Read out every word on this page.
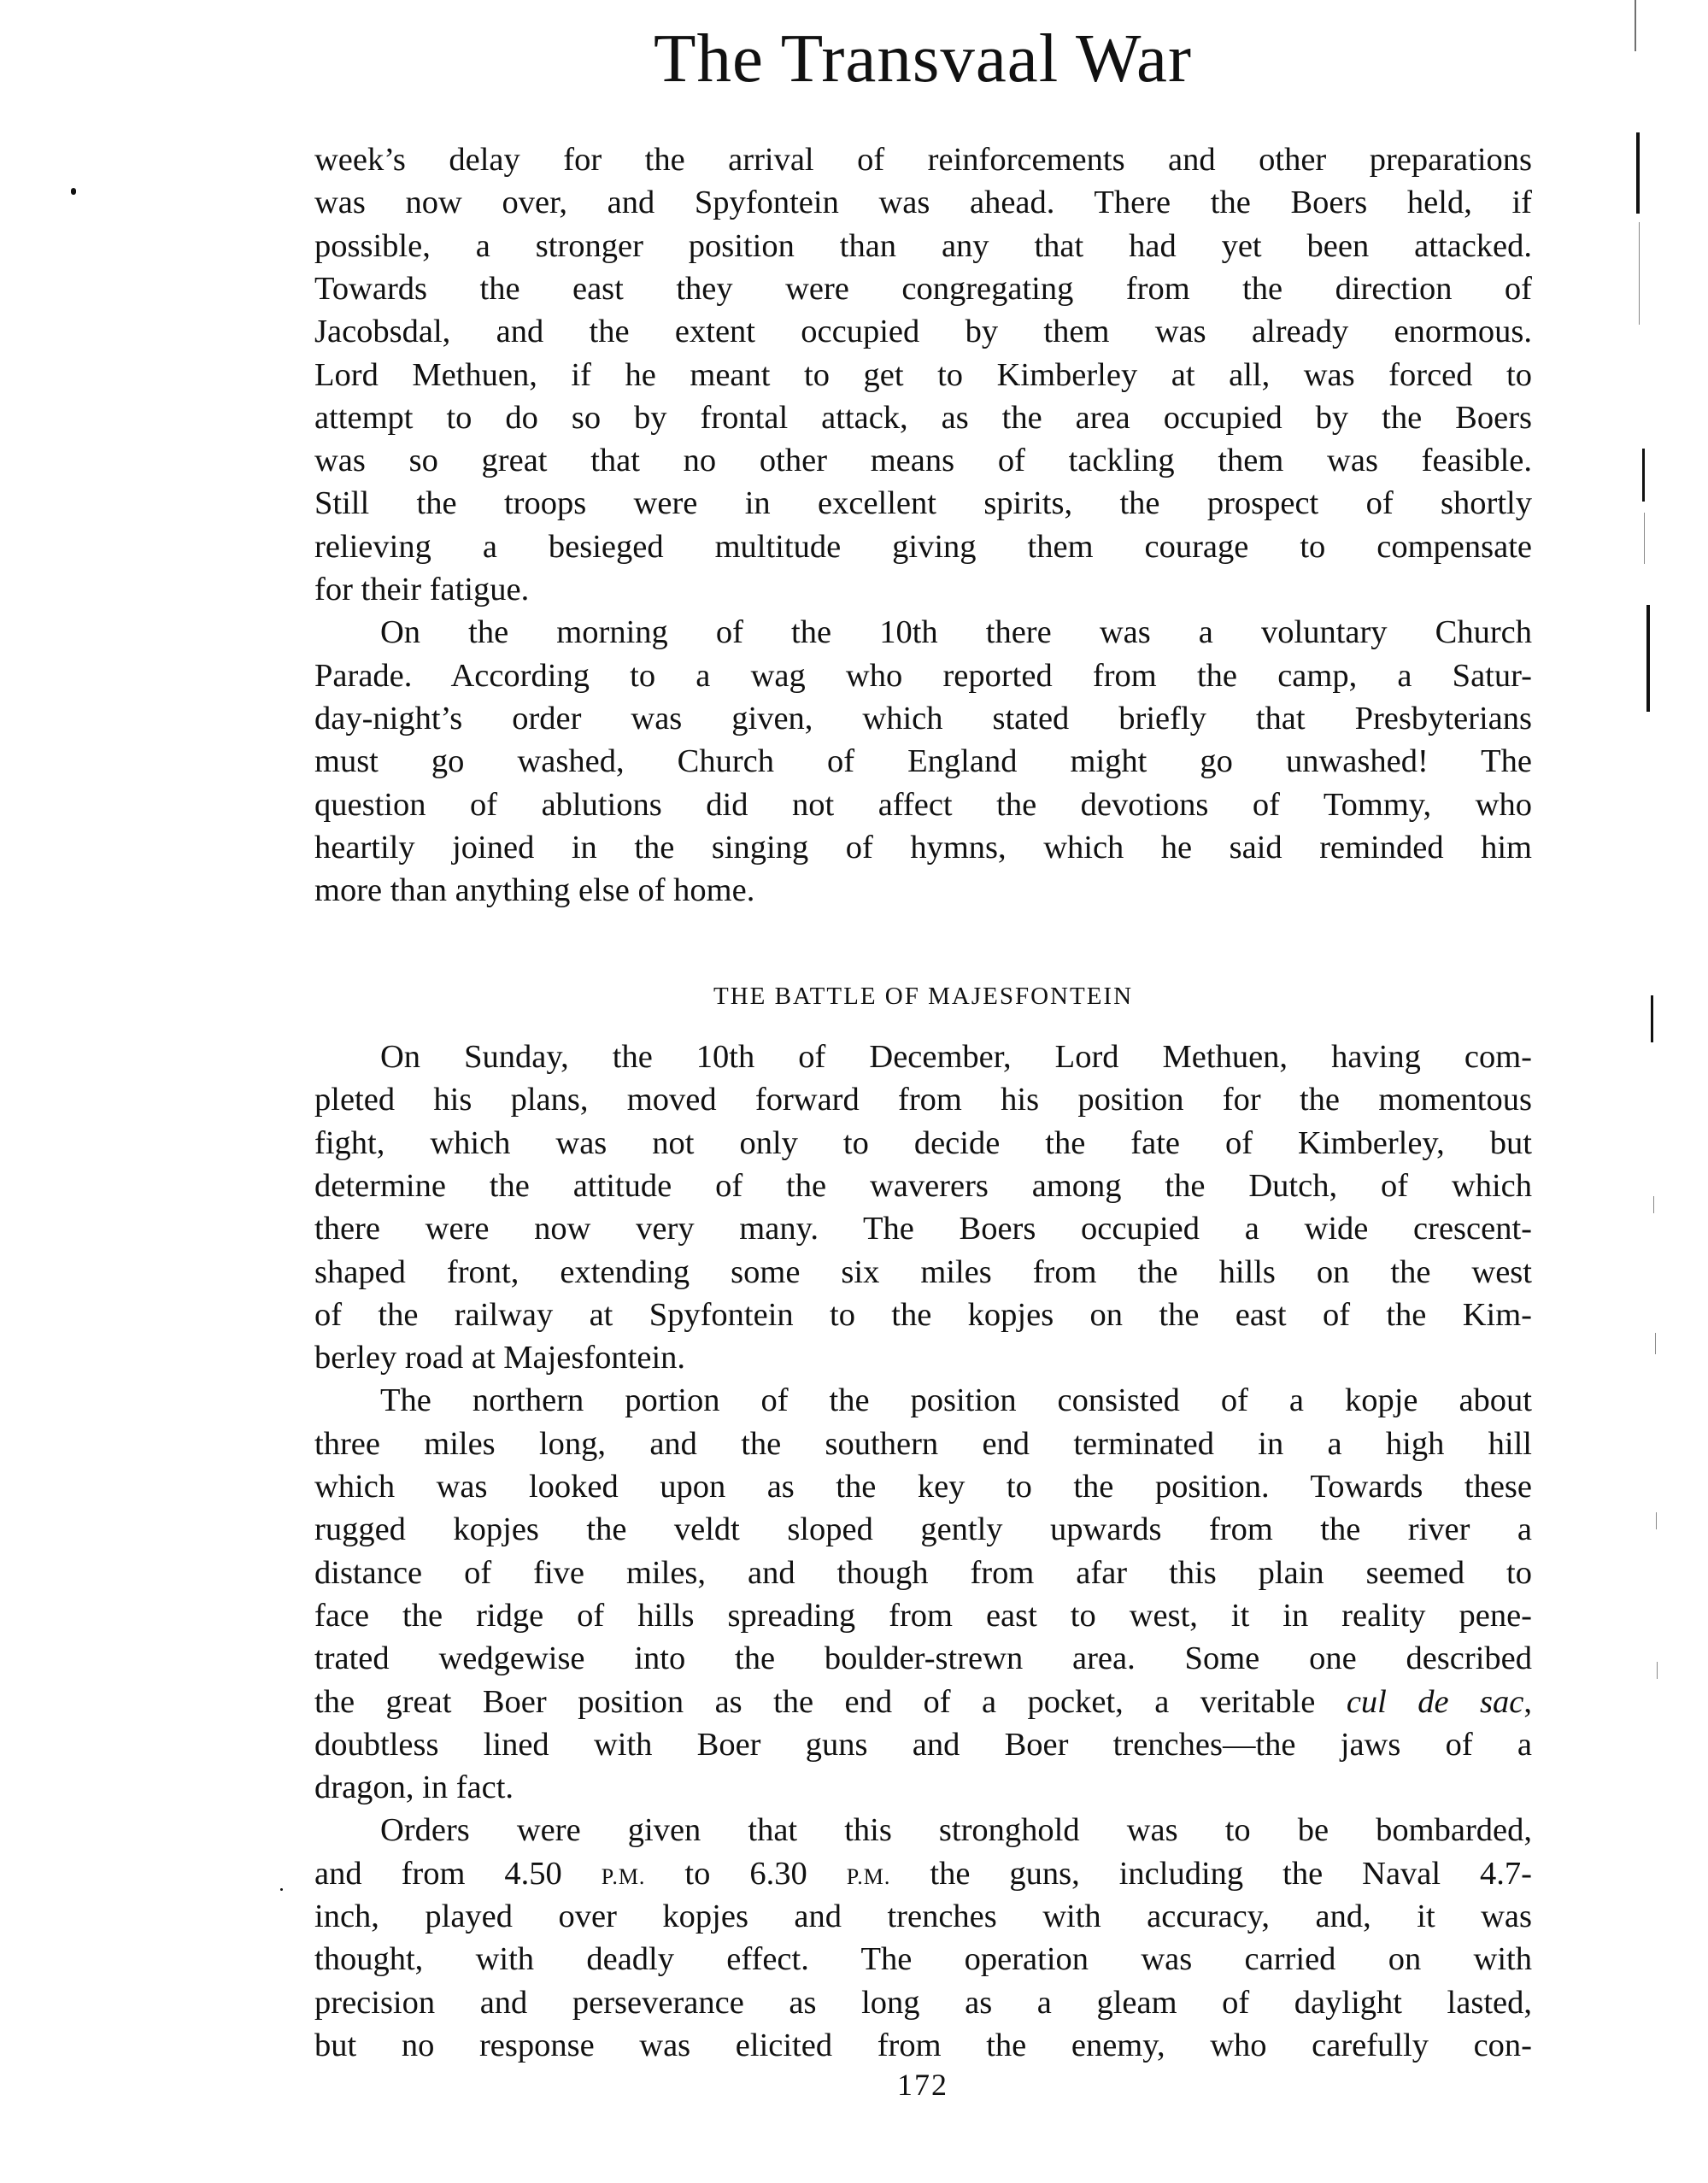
The Transvaal War
week’s delay for the arrival of reinforcements and other preparations
was now over, and Spyfontein was ahead. There the Boers held, if
possible, a stronger position than any that had yet been attacked.
Towards the east they were congregating from the direction of
Jacobsdal, and the extent occupied by them was already enormous.
Lord Methuen, if he meant to get to Kimberley at all, was forced to
attempt to do so by frontal attack, as the area occupied by the Boers
was so great that no other means of tackling them was feasible.
Still the troops were in excellent spirits, the prospect of shortly
relieving a besieged multitude giving them courage to compensate
for their fatigue.
On the morning of the 10th there was a voluntary Church
Parade. According to a wag who reported from the camp, a Satur-
day-night’s order was given, which stated briefly that Presbyterians
must go washed, Church of England might go unwashed! The
question of ablutions did not affect the devotions of Tommy, who
heartily joined in the singing of hymns, which he said reminded him
more than anything else of home.
THE BATTLE OF MAJESFONTEIN
On Sunday, the 10th of December, Lord Methuen, having com-
pleted his plans, moved forward from his position for the momentous
fight, which was not only to decide the fate of Kimberley, but
determine the attitude of the waverers among the Dutch, of which
there were now very many. The Boers occupied a wide crescent-
shaped front, extending some six miles from the hills on the west
of the railway at Spyfontein to the kopjes on the east of the Kim-
berley road at Majesfontein.
The northern portion of the position consisted of a kopje about
three miles long, and the southern end terminated in a high hill
which was looked upon as the key to the position. Towards these
rugged kopjes the veldt sloped gently upwards from the river a
distance of five miles, and though from afar this plain seemed to
face the ridge of hills spreading from east to west, it in reality pene-
trated wedgewise into the boulder-strewn area. Some one described
the great Boer position as the end of a pocket, a veritable cul de sac,
doubtless lined with Boer guns and Boer trenches—the jaws of a
dragon, in fact.
Orders were given that this stronghold was to be bombarded,
and from 4.50 P.M. to 6.30 P.M. the guns, including the Naval 4.7-
inch, played over kopjes and trenches with accuracy, and, it was
thought, with deadly effect. The operation was carried on with
precision and perseverance as long as a gleam of daylight lasted,
but no response was elicited from the enemy, who carefully con-
172
